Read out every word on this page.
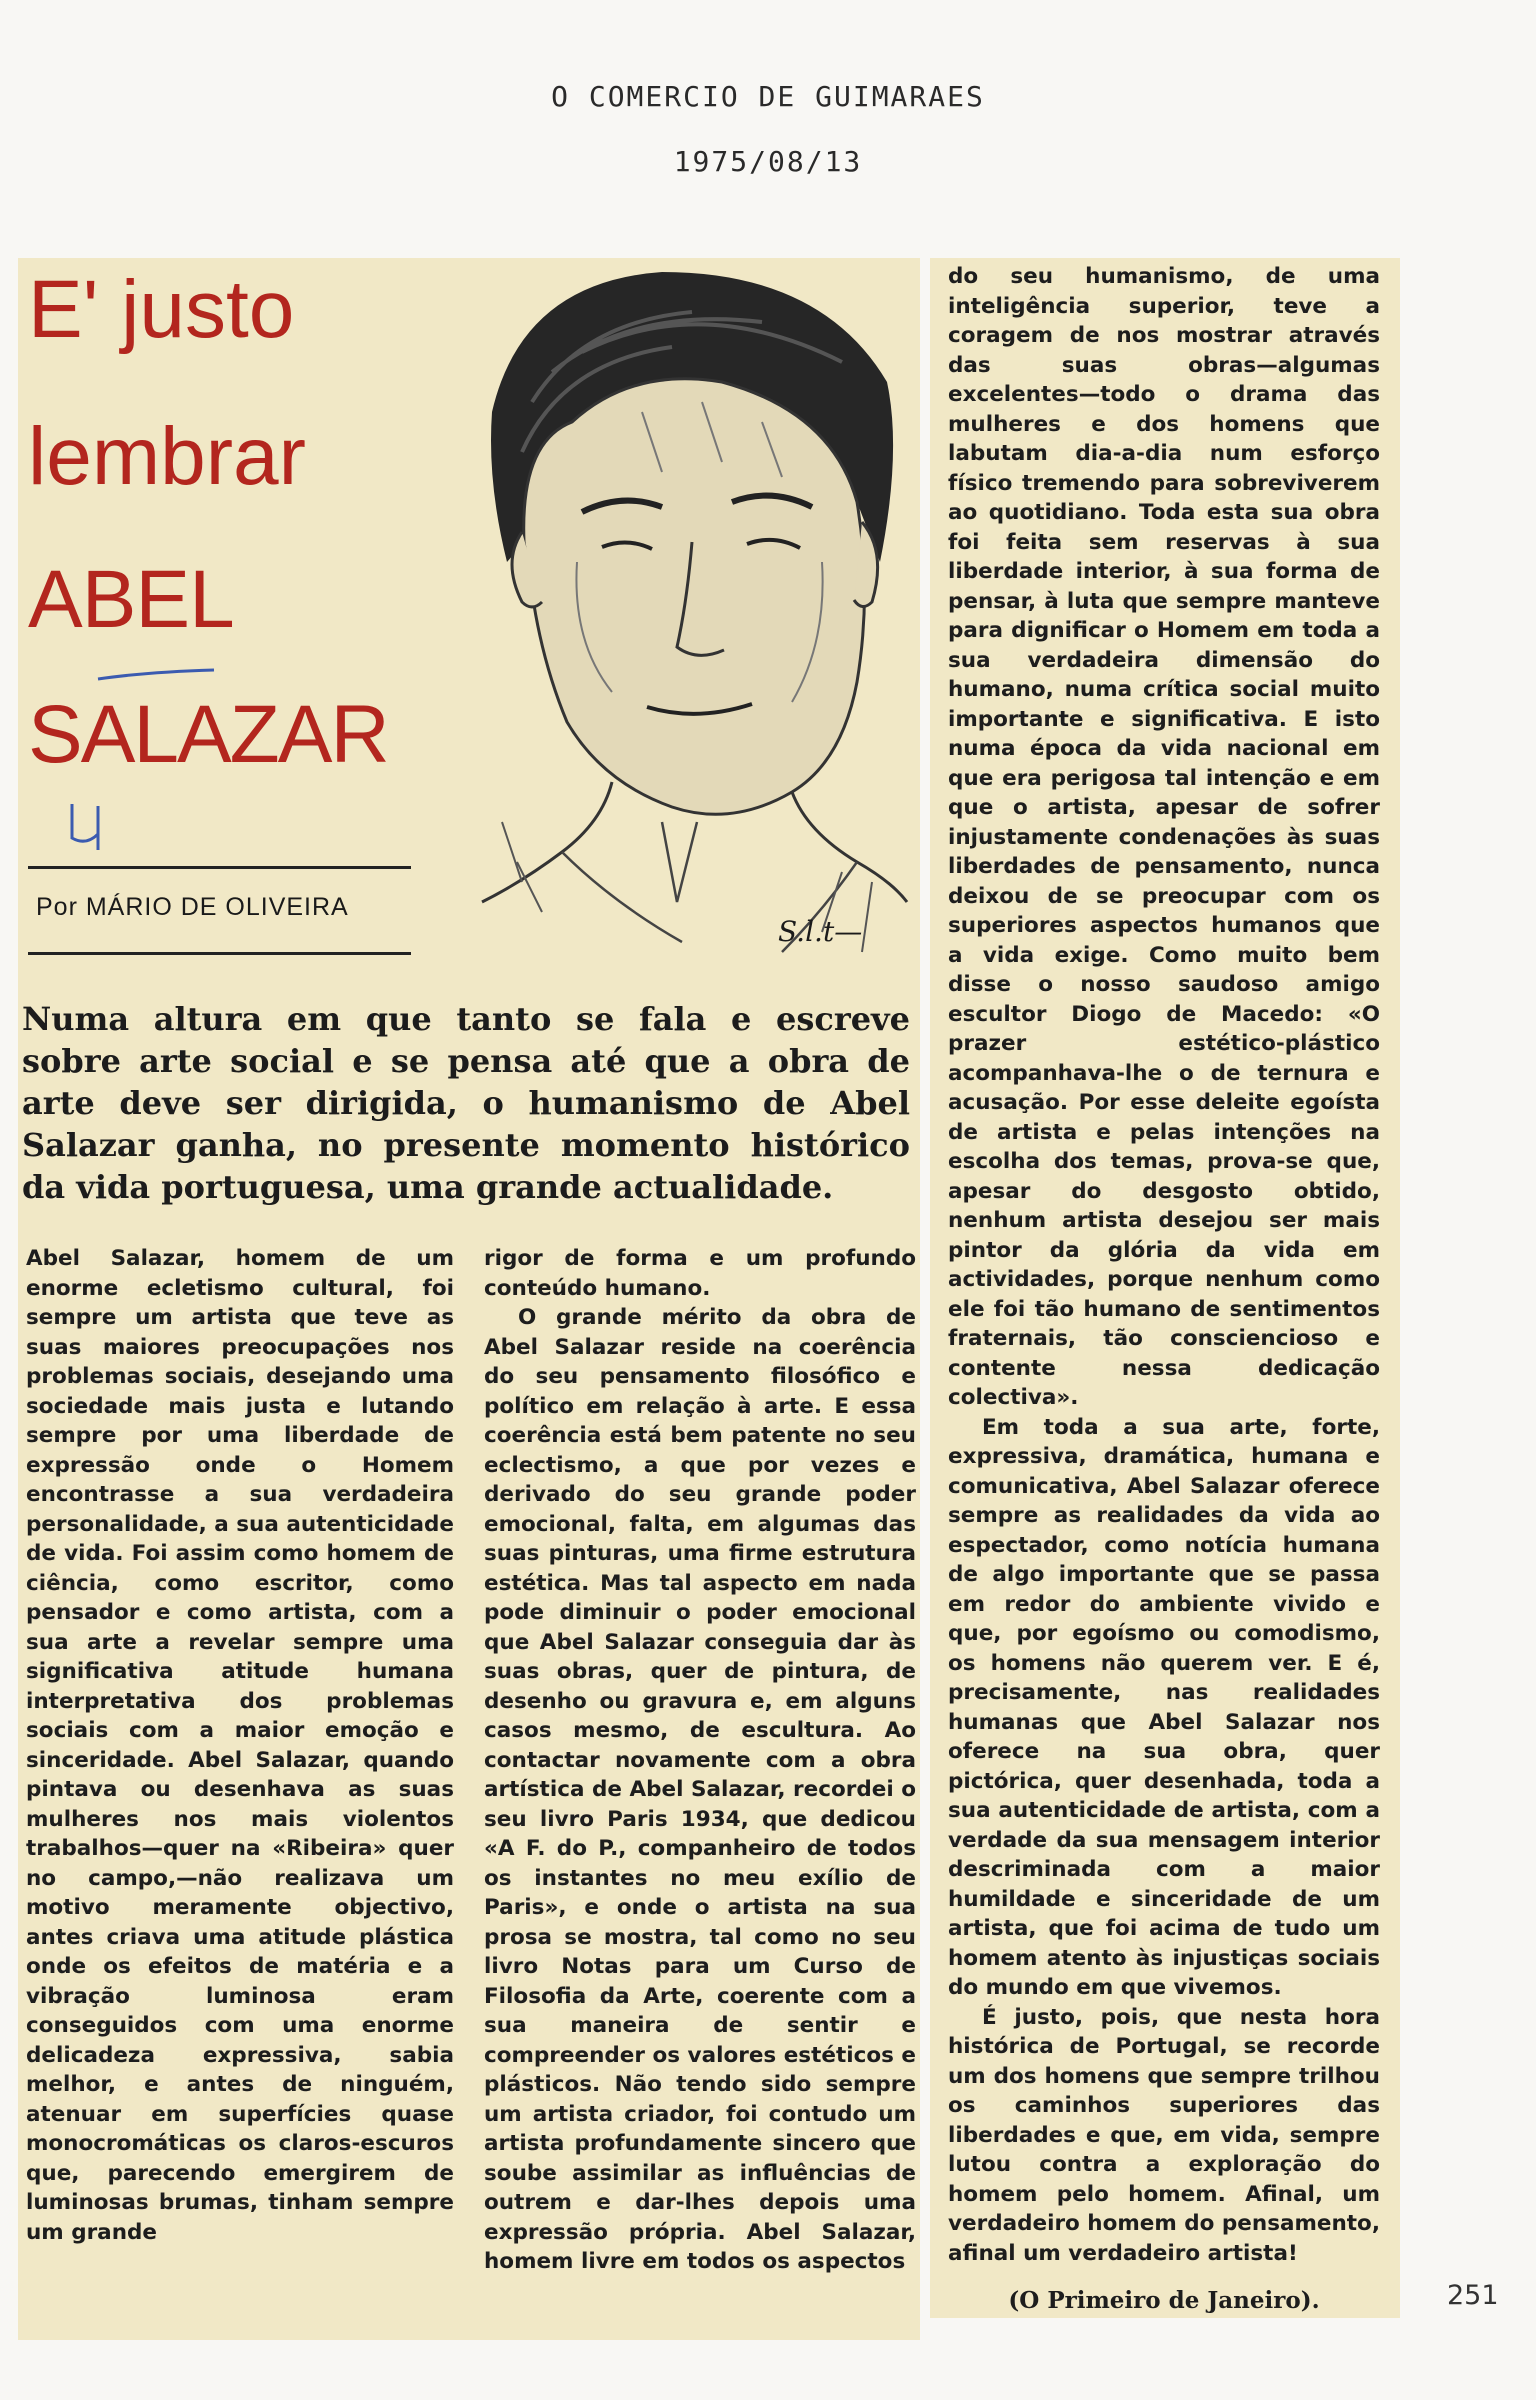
O COMERCIO DE GUIMARAES
1975/08/13
E' justo
lembrar
ABEL
SALAZAR
Por MÁRIO DE OLIVEIRA
S.l.t—
Numa altura em que tanto se fala e escreve sobre arte social e se pensa até que a obra de arte deve ser dirigida, o humanismo de Abel Salazar ganha, no presente momento histórico da vida portuguesa, uma grande actualidade.

Abel Salazar, homem de um enorme ecletismo cultural, foi sempre um artista que teve as suas maiores preocupações nos problemas sociais, desejando uma sociedade mais justa e lutando sempre por uma liberdade de expressão onde o Homem encontrasse a sua verdadeira personalidade, a sua autenticidade de vida. Foi assim como homem de ciência, como escritor, como pensador e como artista, com a sua arte a revelar sempre uma significativa atitude humana interpretativa dos problemas sociais com a maior emoção e sinceridade. Abel Salazar, quando pintava ou desenhava as suas mulheres nos mais violentos trabalhos—quer na «Ribeira» quer no campo,—não realizava um motivo meramente objectivo, antes criava uma atitude plástica onde os efeitos de matéria e a vibração luminosa eram conseguidos com uma enorme delicadeza expressiva, sabia melhor, e antes de ninguém, atenuar em superfícies quase monocromáticas os claros-escuros que, parecendo emergirem de luminosas brumas, tinham sempre um grande

rigor de forma e um profundo conteúdo humano.

O grande mérito da obra de Abel Salazar reside na coerência do seu pensamento filosófico e político em relação à arte. E essa coerência está bem patente no seu eclectismo, a que por vezes e derivado do seu grande poder emocional, falta, em algumas das suas pinturas, uma firme estrutura estética. Mas tal aspecto em nada pode diminuir o poder emocional que Abel Salazar conseguia dar às suas obras, quer de pintura, de desenho ou gravura e, em alguns casos mesmo, de escultura. Ao contactar novamente com a obra artística de Abel Salazar, recordei o seu livro Paris 1934, que dedicou «A F. do P., companheiro de todos os instantes no meu exílio de Paris», e onde o artista na sua prosa se mostra, tal como no seu livro Notas para um Curso de Filosofia da Arte, coerente com a sua maneira de sentir e compreender os valores estéticos e plásticos. Não tendo sido sempre um artista criador, foi contudo um artista profundamente sincero que soube assimilar as influências de outrem e dar-lhes depois uma expressão própria. Abel Salazar, homem livre em todos os aspectos

do seu humanismo, de uma inteligência superior, teve a coragem de nos mostrar através das suas obras—algumas excelentes—todo o drama das mulheres e dos homens que labutam dia-a-dia num esforço físico tremendo para sobreviverem ao quotidiano. Toda esta sua obra foi feita sem reservas à sua liberdade interior, à sua forma de pensar, à luta que sempre manteve para dignificar o Homem em toda a sua verdadeira dimensão do humano, numa crítica social muito importante e significativa. E isto numa época da vida nacional em que era perigosa tal intenção e em que o artista, apesar de sofrer injustamente condenações às suas liberdades de pensamento, nunca deixou de se preocupar com os superiores aspectos humanos que a vida exige. Como muito bem disse o nosso saudoso amigo escultor Diogo de Macedo: «O prazer estético-plástico acompanhava-lhe o de ternura e acusação. Por esse deleite egoísta de artista e pelas intenções na escolha dos temas, prova-se que, apesar do desgosto obtido, nenhum artista desejou ser mais pintor da glória da vida em actividades, porque nenhum como ele foi tão humano de sentimentos fraternais, tão consciencioso e contente nessa dedicação colectiva».

Em toda a sua arte, forte, expressiva, dramática, humana e comunicativa, Abel Salazar oferece sempre as realidades da vida ao espectador, como notícia humana de algo importante que se passa em redor do ambiente vivido e que, por egoísmo ou comodismo, os homens não querem ver. E é, precisamente, nas realidades humanas que Abel Salazar nos oferece na sua obra, quer pictórica, quer desenhada, toda a sua autenticidade de artista, com a verdade da sua mensagem interior descriminada com a maior humildade e sinceridade de um artista, que foi acima de tudo um homem atento às injustiças sociais do mundo em que vivemos.

É justo, pois, que nesta hora histórica de Portugal, se recorde um dos homens que sempre trilhou os caminhos superiores das liberdades e que, em vida, sempre lutou contra a exploração do homem pelo homem. Afinal, um verdadeiro homem do pensamento, afinal um verdadeiro artista!

(O Primeiro de Janeiro).	251
